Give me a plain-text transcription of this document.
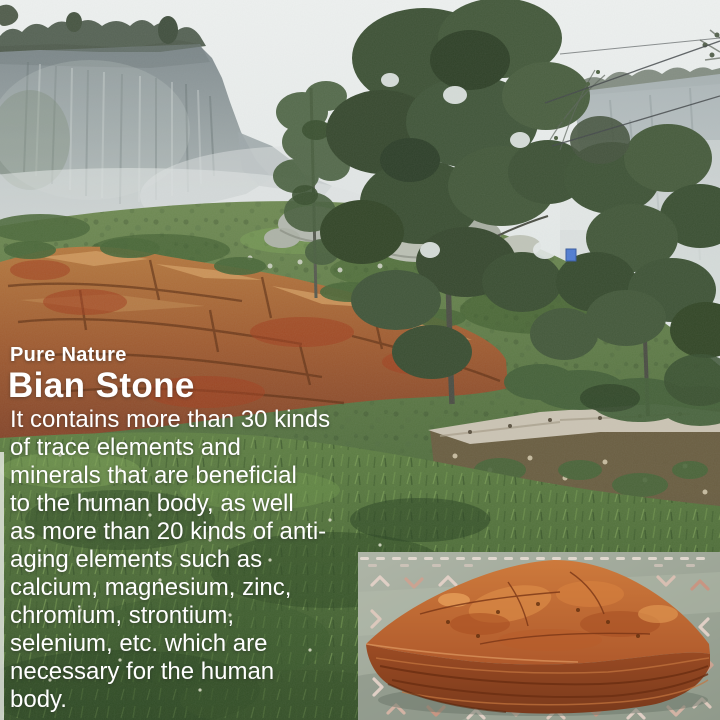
Pure Nature
Bian Stone

It contains more than 30 kinds
of trace elements and
minerals that are beneficial
to the human body, as well
as more than 20 kinds of anti-
aging elements such as
calcium, magnesium, zinc,
chromium, strontium,
selenium, etc. which are
necessary for the human
body.
